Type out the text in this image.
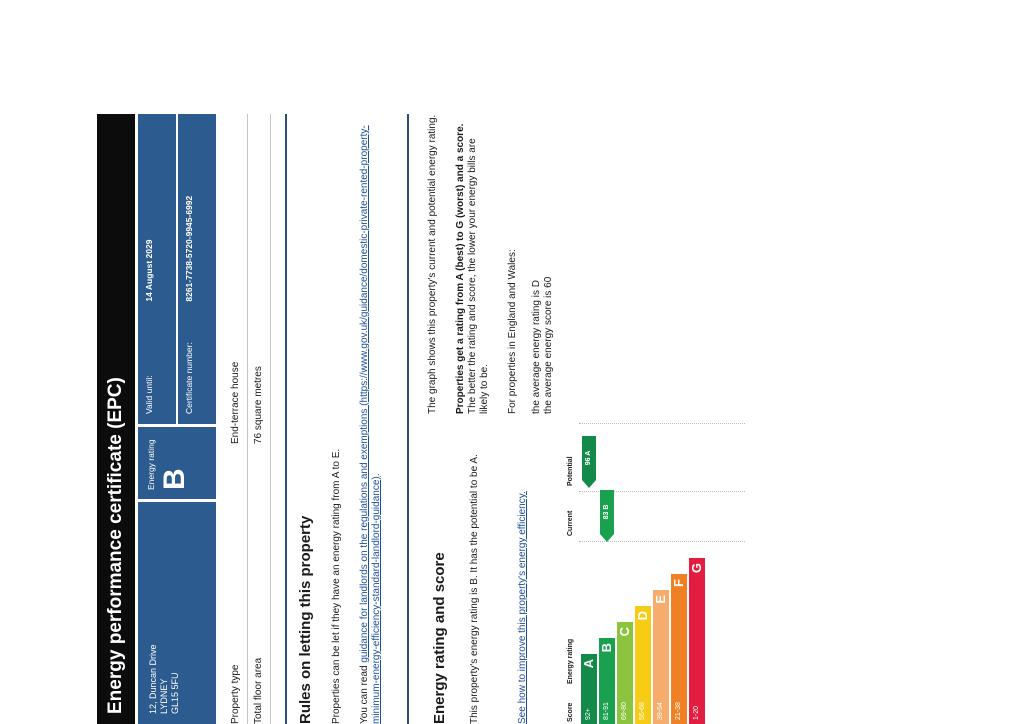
Energy performance certificate (EPC)	12, Duncan Drive LYDNEY GL15 5FU
Energy rating B
Valid until: 14 August 2029
Certificate number: 8261-7738-5720-9945-6992
Property type
End-terrace house
Total floor area
76 square metres
Rules on letting this property Properties can be let if they have an energy rating from A to E. You can read guidance for landlords on the regulations and exemptions (https://www.gov.uk/guidance/domestic-private-rented-property-minimum-energy-efficiency-standard-landlord-guidance).
Energy rating and score This property's energy rating is B. It has the potential to be A.	See how to improve this property's energy efficiency.

The graph shows this property's current and potential energy rating. Properties get a rating from A (best) to G (worst) and a score. The better the rating and score, the lower your energy bills are likely to be. For properties in England and Wales: the average energy rating is D the average energy score is 60
Score
Energy rating
Current
Potential
92+
A
81-91
B
69-80
C
55-68
D
39-54
E
21-38
F
1-20
G
83 B
96 A
